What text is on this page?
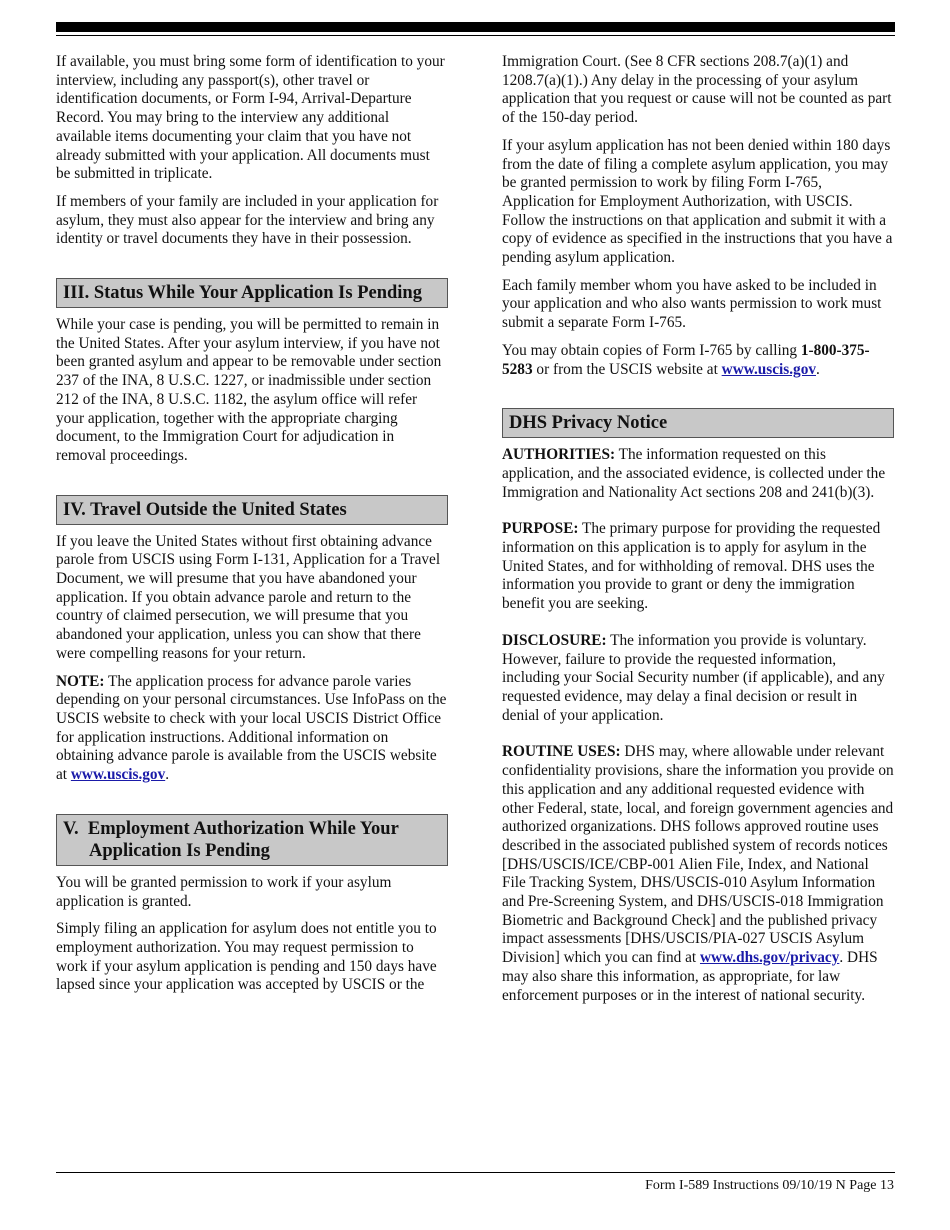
If available, you must bring some form of identification to your interview, including any passport(s), other travel or identification documents, or Form I-94, Arrival-Departure Record. You may bring to the interview any additional available items documenting your claim that you have not already submitted with your application. All documents must be submitted in triplicate.

If members of your family are included in your application for asylum, they must also appear for the interview and bring any identity or travel documents they have in their possession.

III. Status While Your Application Is Pending

While your case is pending, you will be permitted to remain in the United States. After your asylum interview, if you have not been granted asylum and appear to be removable under section 237 of the INA, 8 U.S.C. 1227, or inadmissible under section 212 of the INA, 8 U.S.C. 1182, the asylum office will refer your application, together with the appropriate charging document, to the Immigration Court for adjudication in removal proceedings.

IV. Travel Outside the United States

If you leave the United States without first obtaining advance parole from USCIS using Form I-131, Application for a Travel Document, we will presume that you have abandoned your application. If you obtain advance parole and return to the country of claimed persecution, we will presume that you abandoned your application, unless you can show that there were compelling reasons for your return.

NOTE: The application process for advance parole varies depending on your personal circumstances. Use InfoPass on the USCIS website to check with your local USCIS District Office for application instructions. Additional information on obtaining advance parole is available from the USCIS website at www.uscis.gov.

V. Employment Authorization While Your Application Is Pending

You will be granted permission to work if your asylum application is granted.

Simply filing an application for asylum does not entitle you to employment authorization. You may request permission to work if your asylum application is pending and 150 days have lapsed since your application was accepted by USCIS or the

Immigration Court. (See 8 CFR sections 208.7(a)(1) and 1208.7(a)(1).) Any delay in the processing of your asylum application that you request or cause will not be counted as part of the 150-day period.

If your asylum application has not been denied within 180 days from the date of filing a complete asylum application, you may be granted permission to work by filing Form I-765, Application for Employment Authorization, with USCIS. Follow the instructions on that application and submit it with a copy of evidence as specified in the instructions that you have a pending asylum application.

Each family member whom you have asked to be included in your application and who also wants permission to work must submit a separate Form I-765.

You may obtain copies of Form I-765 by calling 1-800-375-5283 or from the USCIS website at www.uscis.gov.

DHS Privacy Notice

AUTHORITIES: The information requested on this application, and the associated evidence, is collected under the Immigration and Nationality Act sections 208 and 241(b)(3).

PURPOSE: The primary purpose for providing the requested information on this application is to apply for asylum in the United States, and for withholding of removal. DHS uses the information you provide to grant or deny the immigration benefit you are seeking.

DISCLOSURE: The information you provide is voluntary. However, failure to provide the requested information, including your Social Security number (if applicable), and any requested evidence, may delay a final decision or result in denial of your application.

ROUTINE USES: DHS may, where allowable under relevant confidentiality provisions, share the information you provide on this application and any additional requested evidence with other Federal, state, local, and foreign government agencies and authorized organizations. DHS follows approved routine uses described in the associated published system of records notices [DHS/USCIS/ICE/CBP-001 Alien File, Index, and National File Tracking System, DHS/USCIS-010 Asylum Information and Pre-Screening System, and DHS/USCIS-018 Immigration Biometric and Background Check] and the published privacy impact assessments [DHS/USCIS/PIA-027 USCIS Asylum Division] which you can find at www.dhs.gov/privacy. DHS may also share this information, as appropriate, for law enforcement purposes or in the interest of national security.

Form I-589 Instructions 09/10/19 N Page 13
